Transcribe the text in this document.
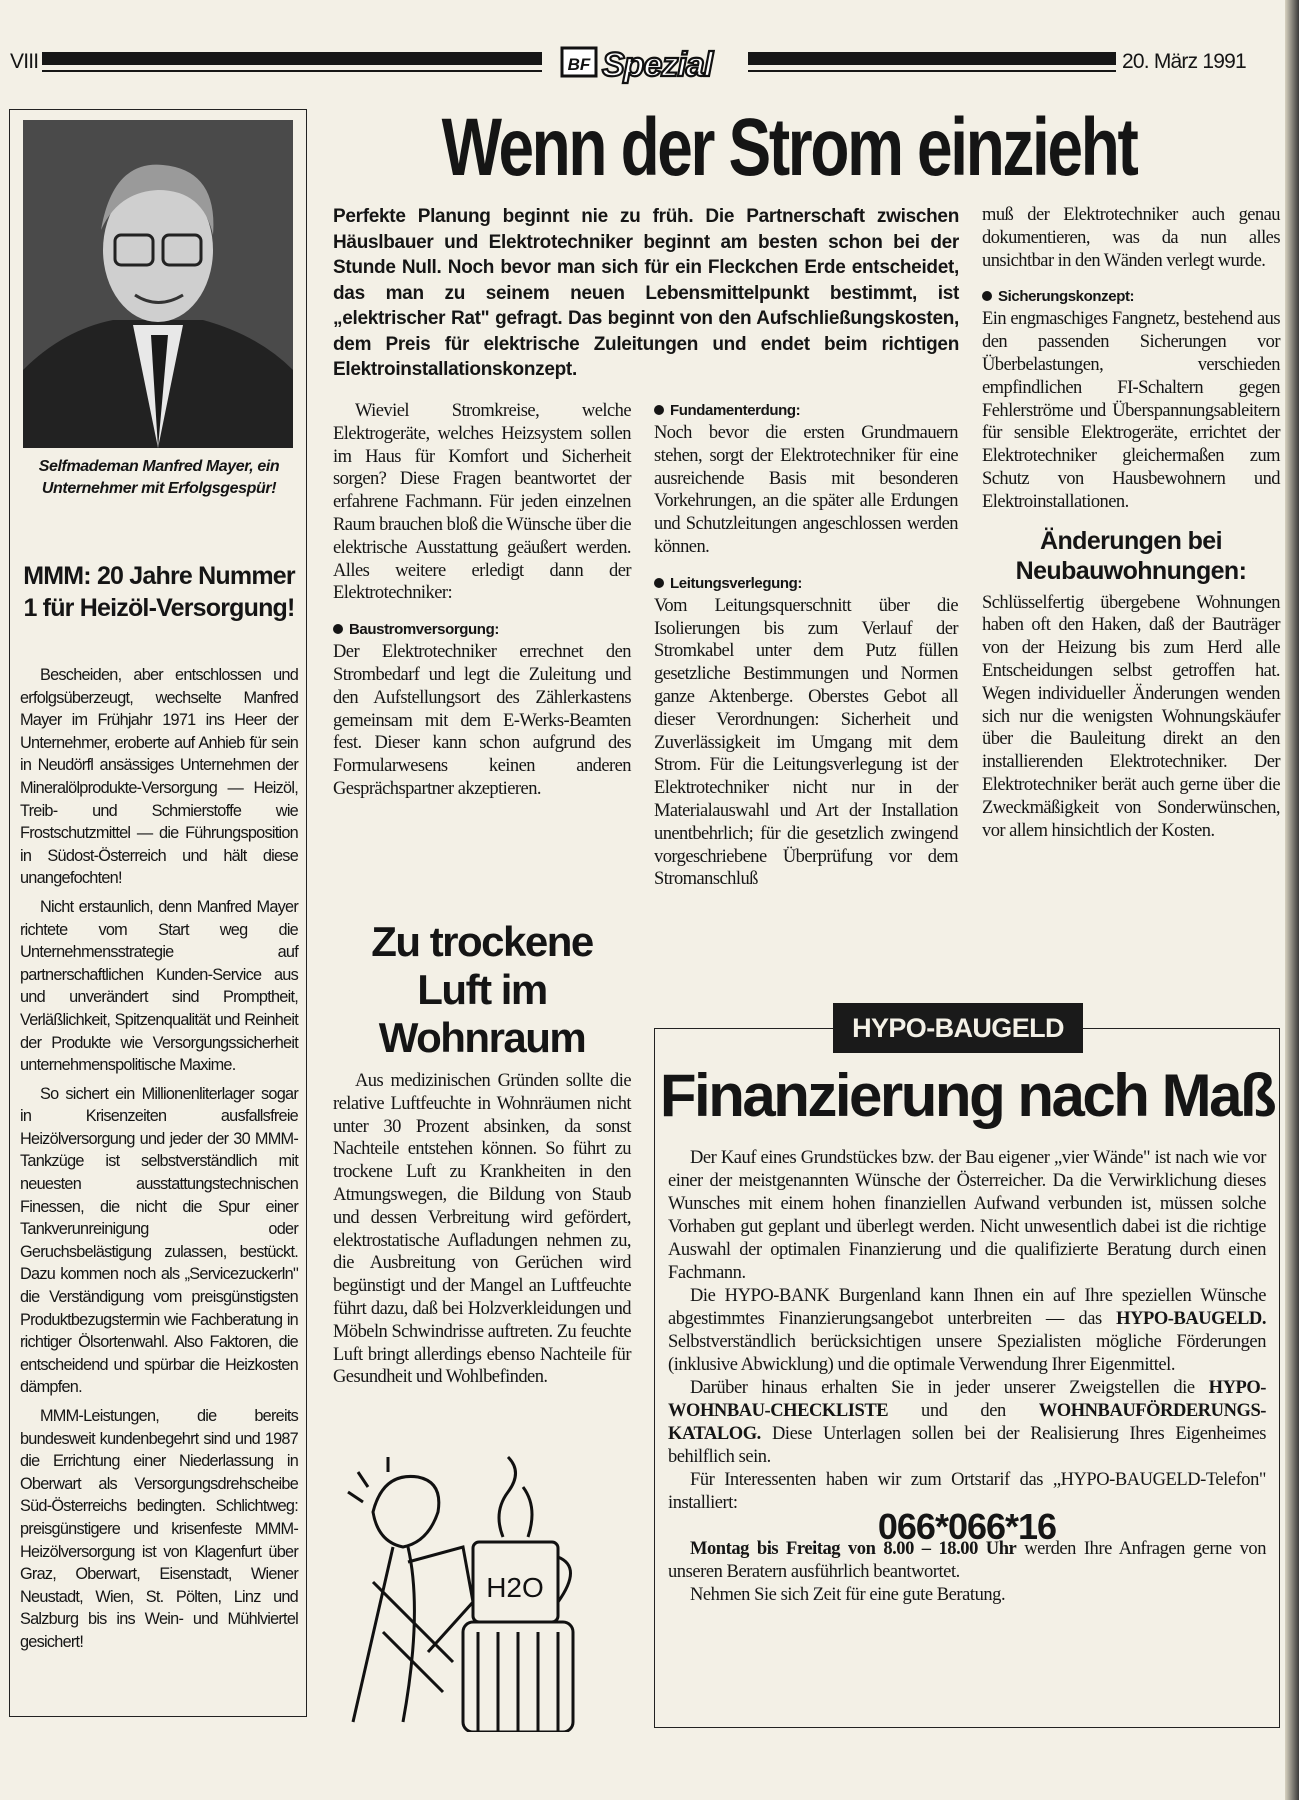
VIII	BF Spezial	20. März 1991
Selfmademan Manfred Mayer, ein Unternehmer mit Erfolgsgespür!
MMM: 20 Jahre Nummer 1 für Heizöl-Versorgung!

Bescheiden, aber entschlossen und erfolgsüberzeugt, wechselte Manfred Mayer im Frühjahr 1971 ins Heer der Unternehmer, eroberte auf Anhieb für sein in Neudörfl ansässiges Unternehmen der Mineralölprodukte-Versorgung — Heizöl, Treib- und Schmierstoffe wie Frostschutzmittel — die Führungsposition in Südost-Österreich und hält diese unangefochten!

Nicht erstaunlich, denn Manfred Mayer richtete vom Start weg die Unternehmensstrategie auf partnerschaftlichen Kunden-Service aus und unverändert sind Promptheit, Verläßlichkeit, Spitzenqualität und Reinheit der Produkte wie Versorgungssicherheit unternehmenspolitische Maxime.

So sichert ein Millionenliterlager sogar in Krisenzeiten ausfallsfreie Heizölversorgung und jeder der 30 MMM-Tankzüge ist selbstverständlich mit neuesten ausstattungstechnischen Finessen, die nicht die Spur einer Tankverunreinigung oder Geruchsbelästigung zulassen, bestückt. Dazu kommen noch als „Servicezuckerln" die Verständigung vom preisgünstigsten Produktbezugstermin wie Fachberatung in richtiger Ölsortenwahl. Also Faktoren, die entscheidend und spürbar die Heizkosten dämpfen.

MMM-Leistungen, die bereits bundesweit kundenbegehrt sind und 1987 die Errichtung einer Niederlassung in Oberwart als Versorgungsdrehscheibe Süd-Österreichs bedingten. Schlichtweg: preisgünstigere und krisenfeste MMM-Heizölversorgung ist von Klagenfurt über Graz, Oberwart, Eisenstadt, Wiener Neustadt, Wien, St. Pölten, Linz und Salzburg bis ins Wein- und Mühlviertel gesichert!

Wenn der Strom einzieht
Perfekte Planung beginnt nie zu früh. Die Partnerschaft zwischen Häuslbauer und Elektrotechniker beginnt am besten schon bei der Stunde Null. Noch bevor man sich für ein Fleckchen Erde entscheidet, das man zu seinem neuen Lebensmittelpunkt bestimmt, ist „elektrischer Rat" gefragt. Das beginnt von den Aufschließungskosten, dem Preis für elektrische Zuleitungen und endet beim richtigen Elektroinstallationskonzept.

Wieviel Stromkreise, welche Elektrogeräte, welches Heizsystem sollen im Haus für Komfort und Sicherheit sorgen? Diese Fragen beantwortet der erfahrene Fachmann. Für jeden einzelnen Raum brauchen bloß die Wünsche über die elektrische Ausstattung geäußert werden. Alles weitere erledigt dann der Elektrotechniker:

Baustromversorgung:

Der Elektrotechniker errechnet den Strombedarf und legt die Zuleitung und den Aufstellungsort des Zählerkastens gemeinsam mit dem E-Werks-Beamten fest. Dieser kann schon aufgrund des Formularwesens keinen anderen Gesprächspartner akzeptieren.

Fundamenterdung:

Noch bevor die ersten Grundmauern stehen, sorgt der Elektrotechniker für eine ausreichende Basis mit besonderen Vorkehrungen, an die später alle Erdungen und Schutzleitungen angeschlossen werden können.

Leitungsverlegung:

Vom Leitungsquerschnitt über die Isolierungen bis zum Verlauf der Stromkabel unter dem Putz füllen gesetzliche Bestimmungen und Normen ganze Aktenberge. Oberstes Gebot all dieser Verordnungen: Sicherheit und Zuverlässigkeit im Umgang mit dem Strom. Für die Leitungsverlegung ist der Elektrotechniker nicht nur in der Materialauswahl und Art der Installation unentbehrlich; für die gesetzlich zwingend vorgeschriebene Überprüfung vor dem Stromanschluß

muß der Elektrotechniker auch genau dokumentieren, was da nun alles unsichtbar in den Wänden verlegt wurde.

Sicherungskonzept:

Ein engmaschiges Fangnetz, bestehend aus den passenden Sicherungen vor Überbelastungen, verschieden empfindlichen FI-Schaltern gegen Fehlerströme und Überspannungsableitern für sensible Elektrogeräte, errichtet der Elektrotechniker gleichermaßen zum Schutz von Hausbewohnern und Elektroinstallationen.

Änderungen bei Neubauwohnungen:

Schlüsselfertig übergebene Wohnungen haben oft den Haken, daß der Bauträger von der Heizung bis zum Herd alle Entscheidungen selbst getroffen hat. Wegen individueller Änderungen wenden sich nur die wenigsten Wohnungskäufer über die Bauleitung direkt an den installierenden Elektrotechniker. Der Elektrotechniker berät auch gerne über die Zweckmäßigkeit von Sonderwünschen, vor allem hinsichtlich der Kosten.

Zu trockene Luft im Wohnraum

Aus medizinischen Gründen sollte die relative Luftfeuchte in Wohnräumen nicht unter 30 Prozent absinken, da sonst Nachteile entstehen können. So führt zu trockene Luft zu Krankheiten in den Atmungswegen, die Bildung von Staub und dessen Verbreitung wird gefördert, elektrostatische Aufladungen nehmen zu, die Ausbreitung von Gerüchen wird begünstigt und der Mangel an Luftfeuchte führt dazu, daß bei Holzverkleidungen und Möbeln Schwindrisse auftreten. Zu feuchte Luft bringt allerdings ebenso Nachteile für Gesundheit und Wohlbefinden.

H2O
HYPO-BAUGELD
Finanzierung nach Maß

Der Kauf eines Grundstückes bzw. der Bau eigener „vier Wände" ist nach wie vor einer der meistgenannten Wünsche der Österreicher. Da die Verwirklichung dieses Wunsches mit einem hohen finanziellen Aufwand verbunden ist, müssen solche Vorhaben gut geplant und überlegt werden. Nicht unwesentlich dabei ist die richtige Auswahl der optimalen Finanzierung und die qualifizierte Beratung durch einen Fachmann.

Die HYPO-BANK Burgenland kann Ihnen ein auf Ihre speziellen Wünsche abgestimmtes Finanzierungsangebot unterbreiten — das HYPO-BAUGELD. Selbstverständlich berücksichtigen unsere Spezialisten mögliche Förderungen (inklusive Abwicklung) und die optimale Verwendung Ihrer Eigenmittel.

Darüber hinaus erhalten Sie in jeder unserer Zweigstellen die HYPO-WOHNBAU-CHECKLISTE und den WOHNBAUFÖRDERUNGS-KATALOG. Diese Unterlagen sollen bei der Realisierung Ihres Eigenheimes behilflich sein.

Für Interessenten haben wir zum Ortstarif das „HYPO-BAUGELD-Telefon" installiert:

066*066*16

Montag bis Freitag von 8.00 – 18.00 Uhr werden Ihre Anfragen gerne von unseren Beratern ausführlich beantwortet.

Nehmen Sie sich Zeit für eine gute Beratung.
